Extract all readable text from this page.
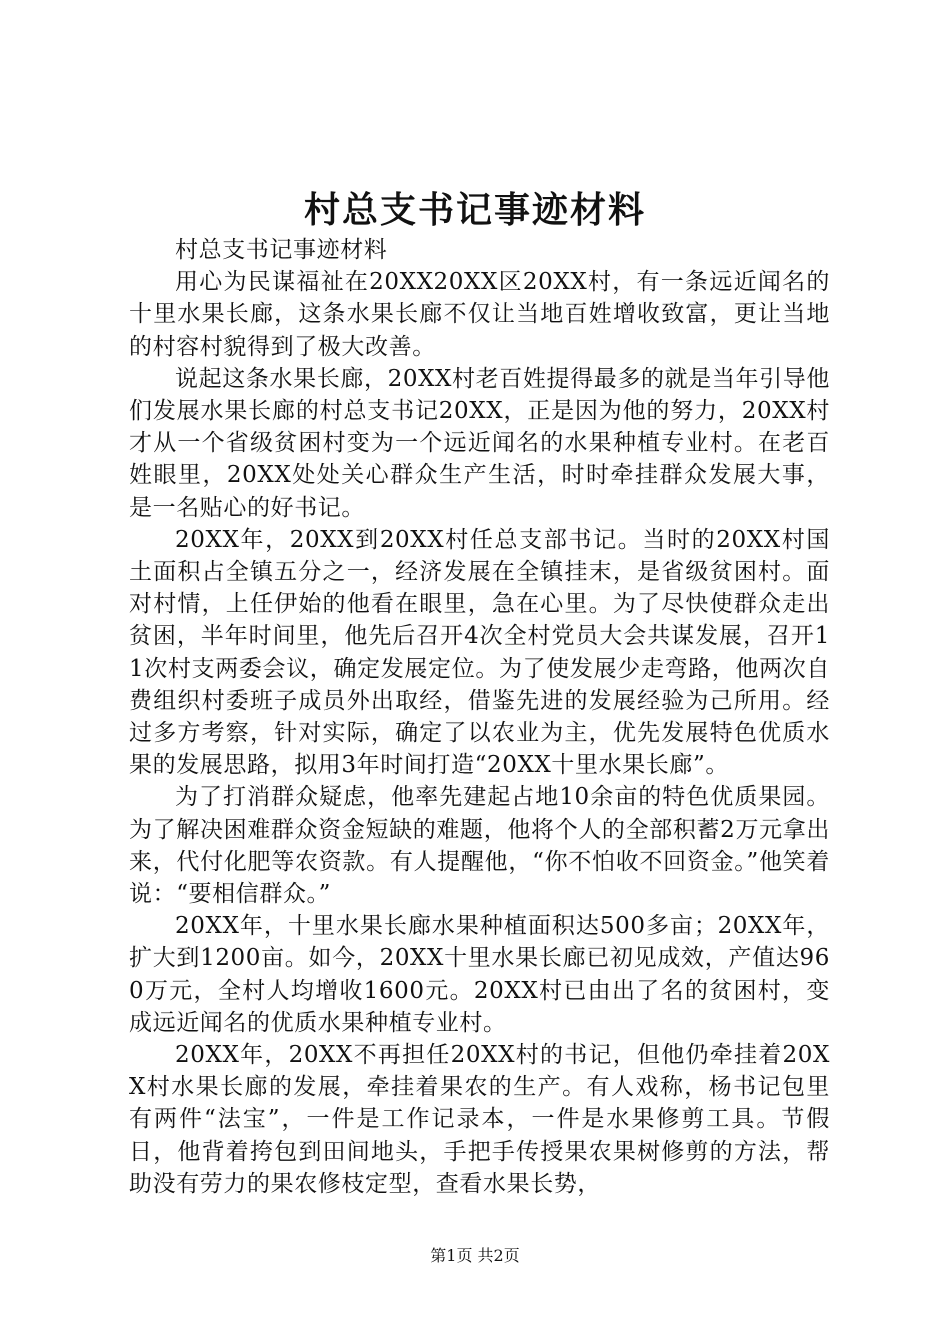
村总支书记事迹材料

村总支书记事迹材料

用心为民谋福祉在20XX20XX区20XX村，有一条远近闻名的十里水果长廊，这条水果长廊不仅让当地百姓增收致富，更让当地的村容村貌得到了极大改善。

说起这条水果长廊，20XX村老百姓提得最多的就是当年引导他们发展水果长廊的村总支书记20XX，正是因为他的努力，20XX村才从一个省级贫困村变为一个远近闻名的水果种植专业村。在老百姓眼里，20XX处处关心群众生产生活，时时牵挂群众发展大事，是一名贴心的好书记。

20XX年，20XX到20XX村任总支部书记。当时的20XX村国土面积占全镇五分之一，经济发展在全镇挂末，是省级贫困村。面对村情，上任伊始的他看在眼里，急在心里。为了尽快使群众走出贫困，半年时间里，他先后召开4次全村党员大会共谋发展，召开11次村支两委会议，确定发展定位。为了使发展少走弯路，他两次自费组织村委班子成员外出取经，借鉴先进的发展经验为己所用。经过多方考察，针对实际，确定了以农业为主，优先发展特色优质水果的发展思路，拟用3年时间打造“20XX十里水果长廊”。

为了打消群众疑虑，他率先建起占地10余亩的特色优质果园。为了解决困难群众资金短缺的难题，他将个人的全部积蓄2万元拿出来，代付化肥等农资款。有人提醒他，“你不怕收不回资金。”他笑着说：“要相信群众。”

20XX年，十里水果长廊水果种植面积达500多亩；20XX年，扩大到1200亩。如今，20XX十里水果长廊已初见成效，产值达960万元，全村人均增收1600元。20XX村已由出了名的贫困村，变成远近闻名的优质水果种植专业村。

20XX年，20XX不再担任20XX村的书记，但他仍牵挂着20XX村水果长廊的发展，牵挂着果农的生产。有人戏称，杨书记包里有两件“法宝”，一件是工作记录本，一件是水果修剪工具。节假日，他背着挎包到田间地头，手把手传授果农果树修剪的方法，帮助没有劳力的果农修枝定型，查看水果长势，

第1页 共2页
